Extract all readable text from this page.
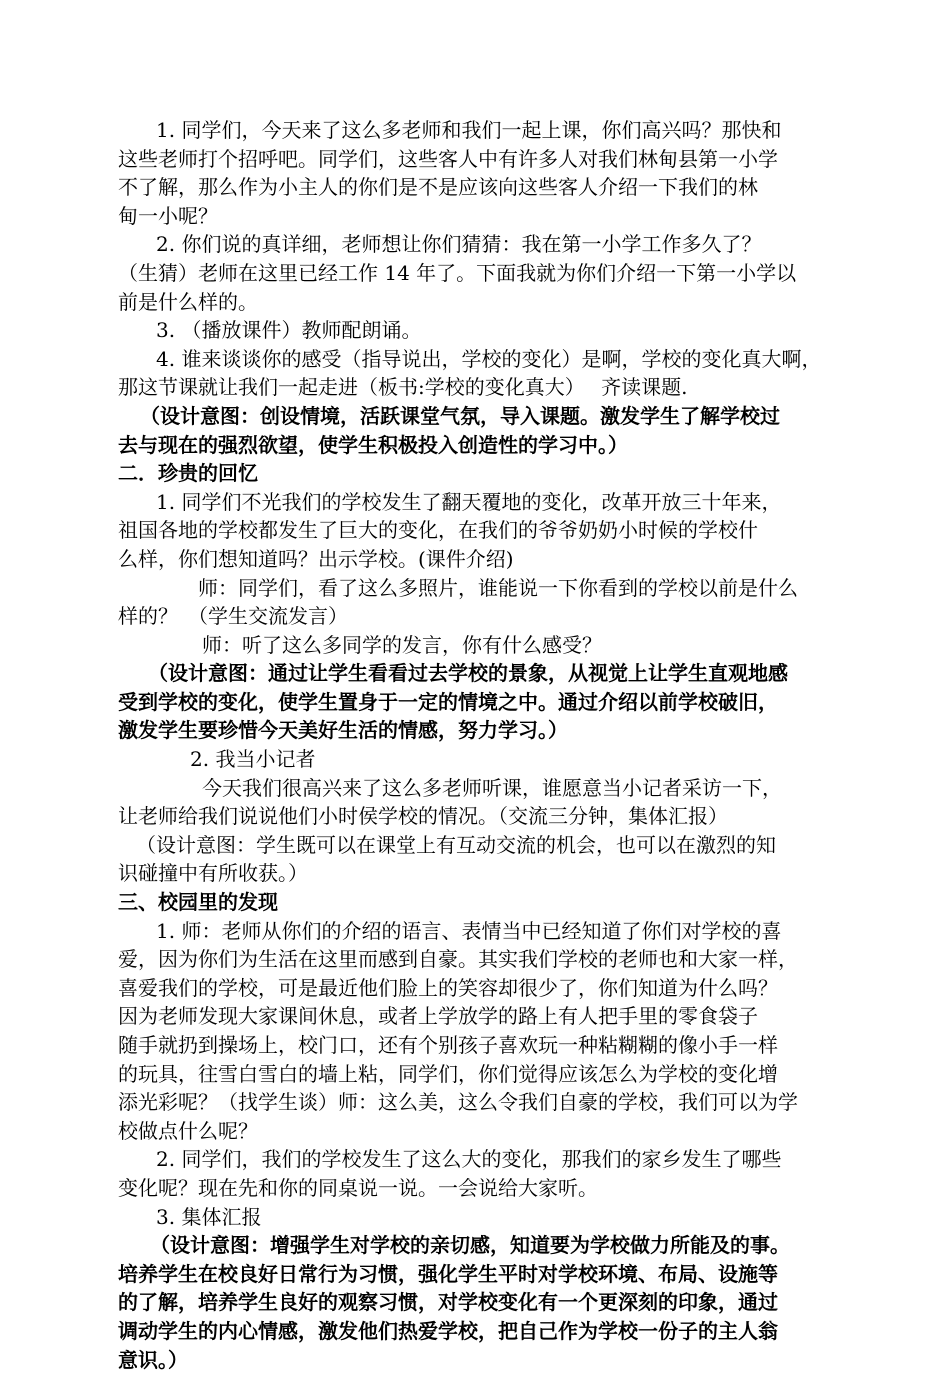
1. 同学们，今天来了这么多老师和我们一起上课，你们高兴吗？那快和
这些老师打个招呼吧。同学们，这些客人中有许多人对我们林甸县第一小学
不了解，那么作为小主人的你们是不是应该向这些客人介绍一下我们的林
甸一小呢？
2. 你们说的真详细，老师想让你们猜猜：我在第一小学工作多久了？
（生猜）老师在这里已经工作 14 年了。下面我就为你们介绍一下第一小学以
前是什么样的。
3. （播放课件）教师配朗诵。
4. 谁来谈谈你的感受（指导说出，学校的变化）是啊，学校的变化真大啊，
那这节课就让我们一起走进（板书:学校的变化真大）　 齐读课题.
（设计意图：创设情境，活跃课堂气氛，导入课题。激发学生了解学校过
去与现在的强烈欲望，使学生积极投入创造性的学习中。）
二．珍贵的回忆
1. 同学们不光我们的学校发生了翻天覆地的变化，改革开放三十年来，
祖国各地的学校都发生了巨大的变化，在我们的爷爷奶奶小时候的学校什
么样，你们想知道吗？出示学校。(课件介绍)
师：同学们，看了这么多照片，谁能说一下你看到的学校以前是什么
样的？　（学生交流发言）
师：听了这么多同学的发言，你有什么感受？
（设计意图：通过让学生看看过去学校的景象，从视觉上让学生直观地感
受到学校的变化，使学生置身于一定的情境之中。通过介绍以前学校破旧，
激发学生要珍惜今天美好生活的情感，努力学习。）
2. 我当小记者
今天我们很高兴来了这么多老师听课，谁愿意当小记者采访一下，
让老师给我们说说他们小时侯学校的情况。（交流三分钟，集体汇报）
（设计意图：学生既可以在课堂上有互动交流的机会，也可以在激烈的知
识碰撞中有所收获。）
三、校园里的发现
1. 师：老师从你们的介绍的语言、表情当中已经知道了你们对学校的喜
爱，因为你们为生活在这里而感到自豪。其实我们学校的老师也和大家一样，
喜爱我们的学校，可是最近他们脸上的笑容却很少了，你们知道为什么吗？
因为老师发现大家课间休息，或者上学放学的路上有人把手里的零食袋子
随手就扔到操场上，校门口，还有个别孩子喜欢玩一种粘糊糊的像小手一样
的玩具，往雪白雪白的墙上粘，同学们，你们觉得应该怎么为学校的变化增
添光彩呢？（找学生谈）师：这么美，这么令我们自豪的学校，我们可以为学
校做点什么呢？
2. 同学们，我们的学校发生了这么大的变化，那我们的家乡发生了哪些
变化呢？现在先和你的同桌说一说。一会说给大家听。
3. 集体汇报
（设计意图：增强学生对学校的亲切感，知道要为学校做力所能及的事。
培养学生在校良好日常行为习惯，强化学生平时对学校环境、布局、设施等
的了解，培养学生良好的观察习惯，对学校变化有一个更深刻的印象，通过
调动学生的内心情感，激发他们热爱学校，把自己作为学校一份子的主人翁
意识。）
